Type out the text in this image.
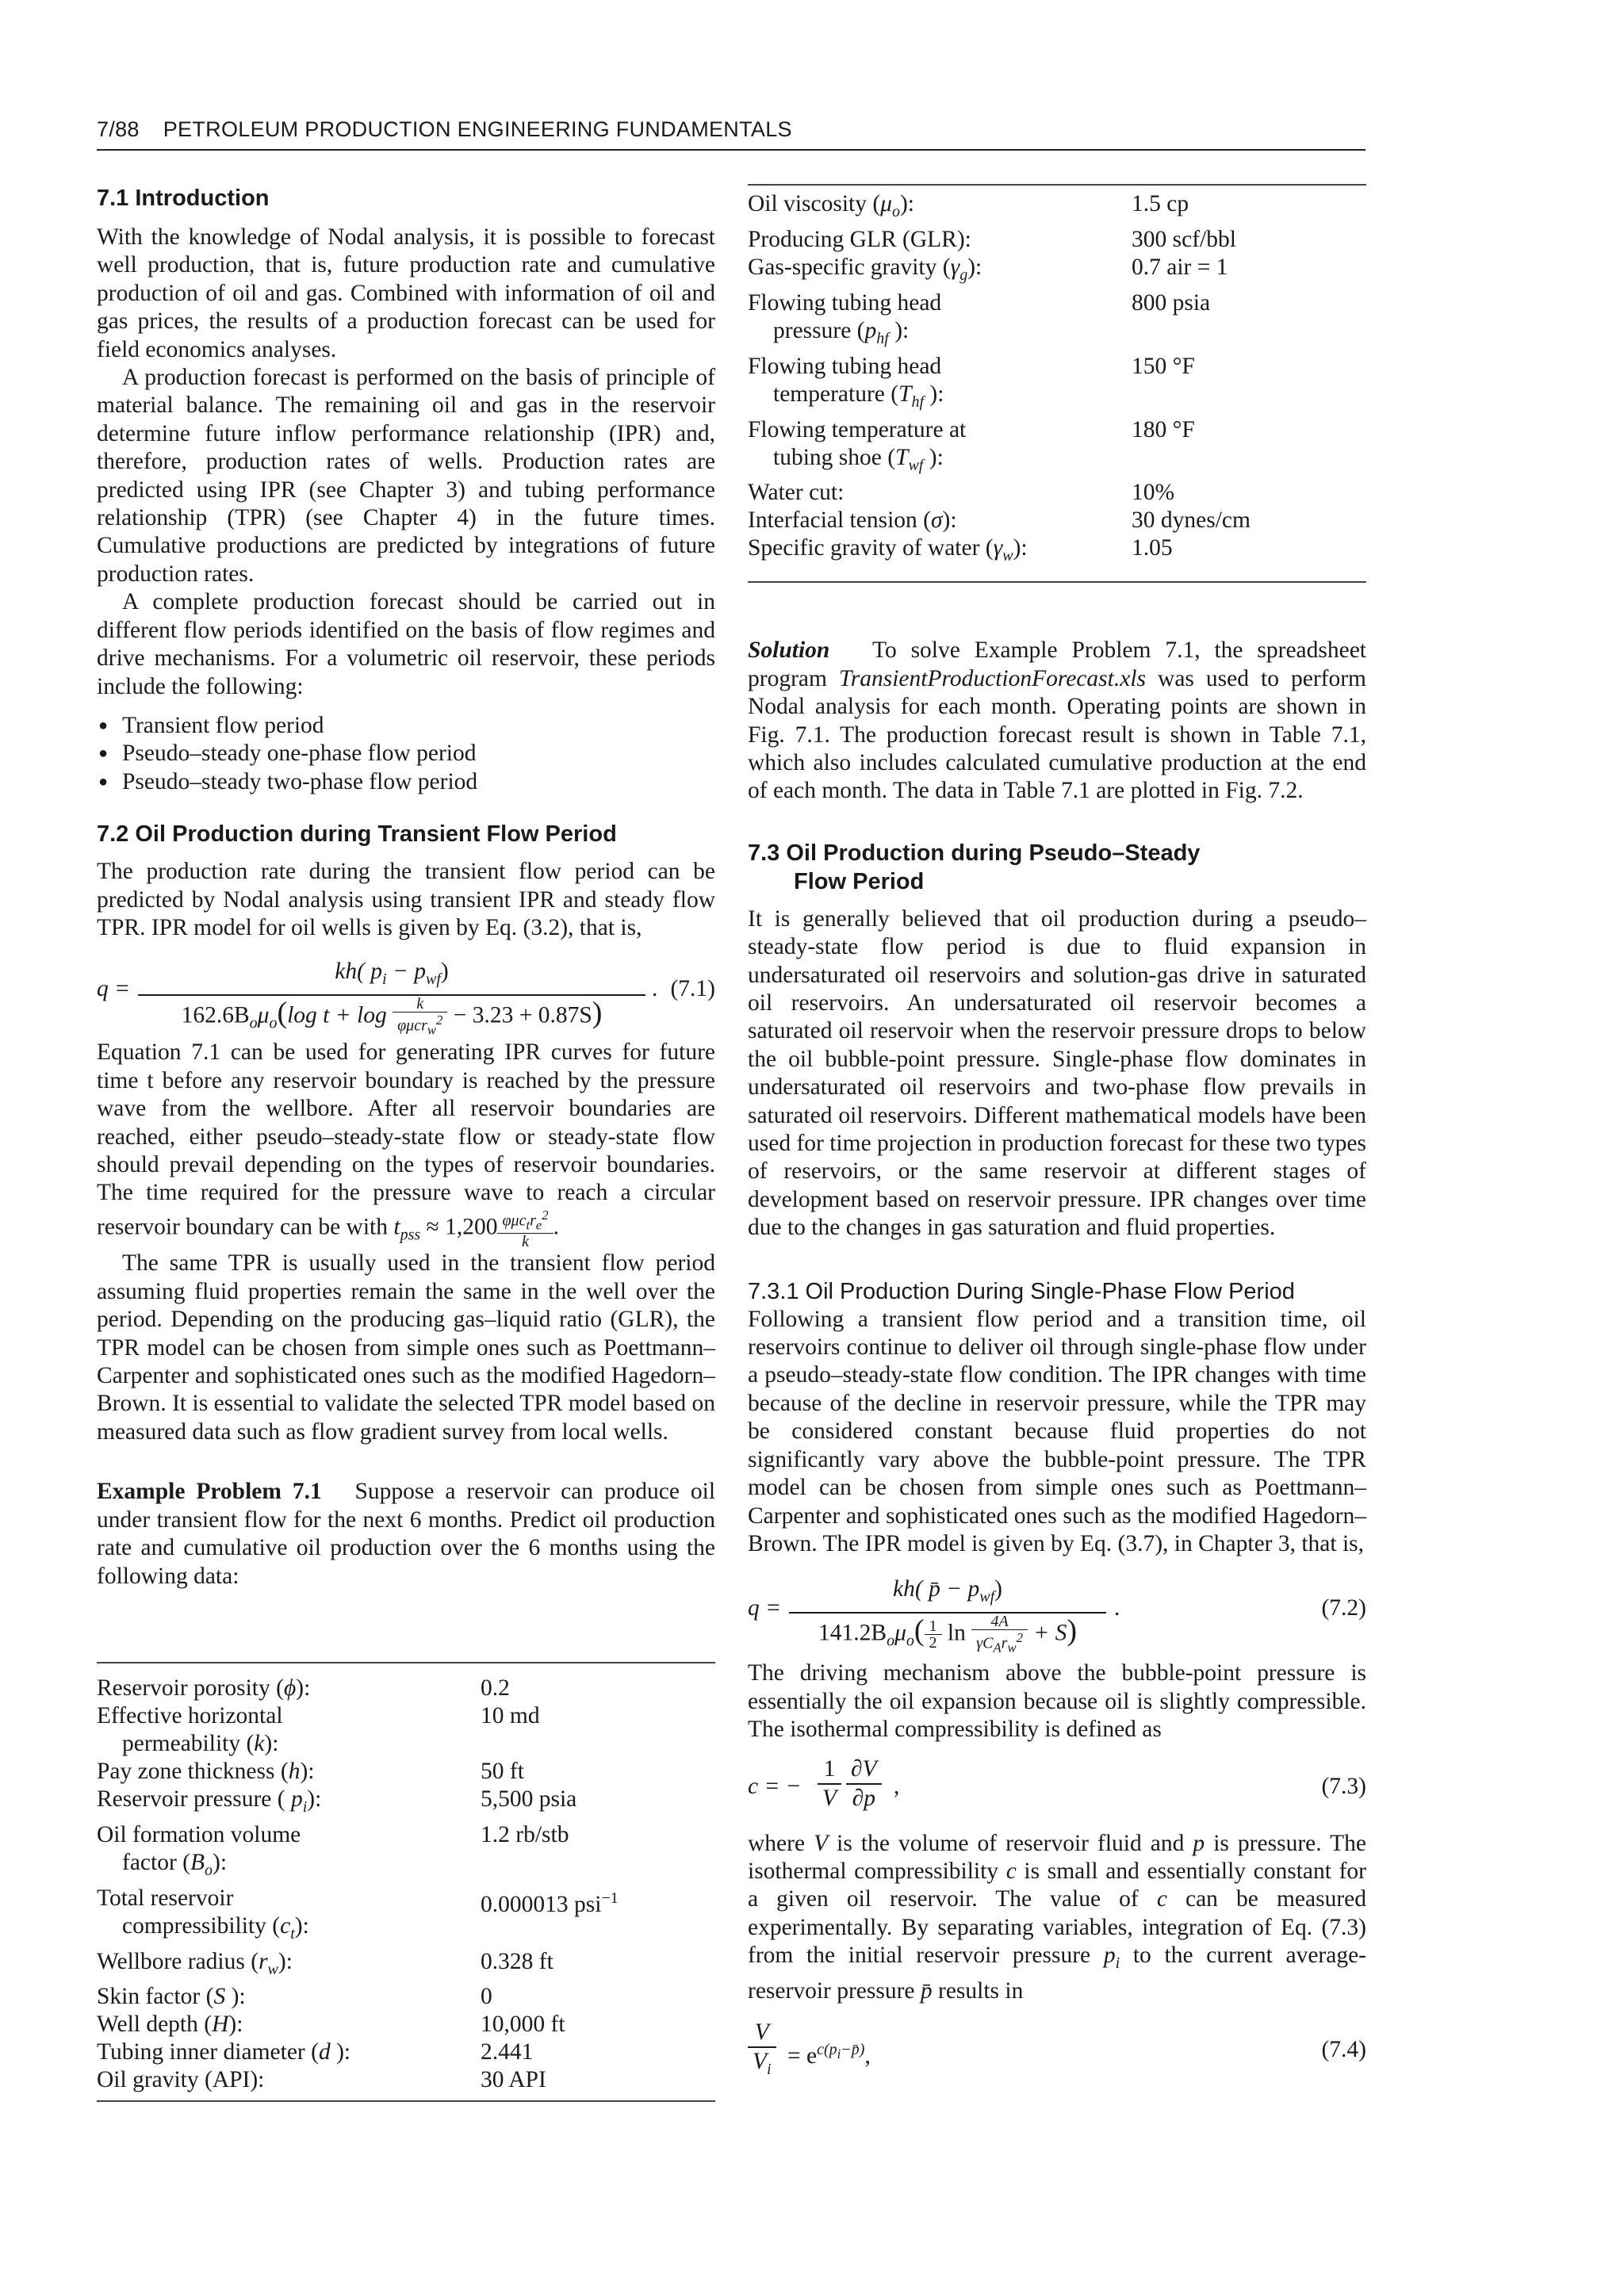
7/88 PETROLEUM PRODUCTION ENGINEERING FUNDAMENTALS
7.1 Introduction

With the knowledge of Nodal analysis, it is possible to forecast well production, that is, future production rate and cumulative production of oil and gas. Combined with information of oil and gas prices, the results of a production forecast can be used for field economics analyses.

A production forecast is performed on the basis of principle of material balance. The remaining oil and gas in the reservoir determine future inflow performance relationship (IPR) and, therefore, production rates of wells. Production rates are predicted using IPR (see Chapter 3) and tubing performance relationship (TPR) (see Chapter 4) in the future times. Cumulative productions are predicted by integrations of future production rates.

A complete production forecast should be carried out in different flow periods identified on the basis of flow regimes and drive mechanisms. For a volumetric oil reservoir, these periods include the following:

● Transient flow period
● Pseudo–steady one-phase flow period
● Pseudo–steady two-phase flow period
7.2 Oil Production during Transient Flow Period

The production rate during the transient flow period can be predicted by Nodal analysis using transient IPR and steady flow TPR. IPR model for oil wells is given by Eq. (3.2), that is,

q =
kh( $p_i - p_{wf}$)
$162.6B_o\mu_o(\log$ $t + \log \frac{k}{\varphi\mu cr_w^2} - 3.23 + 0.87S$)
. (7.1)

Equation 7.1 can be used for generating IPR curves for future time t before any reservoir boundary is reached by the pressure wave from the wellbore. After all reservoir boundaries are reached, either pseudo–steady-state flow or steady-state flow should prevail depending on the types of reservoir boundaries. The time required for the pressure wave to reach a circular reservoir boundary can be with $t_{pss} \approx 1,200 \frac{\varphi\mu c_tr_e^2}{k}$ .

The same TPR is usually used in the transient flow period assuming fluid properties remain the same in the well over the period. Depending on the producing gas–liquid ratio (GLR), the TPR model can be chosen from simple ones such as Poettmann–Carpenter and sophisticated ones such as the modified Hagedorn–Brown. It is essential to validate the selected TPR model based on measured data such as flow gradient survey from local wells.

Example Problem 7.1 Suppose a reservoir can produce oil under transient flow for the next 6 months. Predict oil production rate and cumulative oil production over the 6 months using the following data:

Reservoir porosity (ϕ):	0.2
Effective horizontal
permeability (k):	10 md
Pay zone thickness (h):	50 ft
Reservoir pressure ( $p_i$):	5,500 psia
Oil formation volume
factor $(B_o)$:	1.2 rb/stb
Total reservoir
compressibility $(c_t)$:	0.000013 psi$^{-1}$
Wellbore radius $(r_w)$:	0.328 ft
Skin factor (S ):	0
Well depth (H):	10,000 ft
Tubing inner diameter (d ):	2.441
Oil gravity (API):	30 API
Oil viscosity $(\mu_o)$:	1.5 cp
Producing GLR (GLR):	300 scf/bbl
Gas-specific gravity $(\gamma_g)$:	0.7 air = 1
Flowing tubing head
pressure ($p_{hf}$ ):	800 psia
Flowing tubing head
temperature ($T_{hf}$ ):	150 °F
Flowing temperature at
tubing shoe ($T_{wf}$ ):	180 °F
Water cut:	10%
Interfacial tension (σ):	30 dynes/cm
Specific gravity of water $(\gamma_w)$:	1.05

Solution To solve Example Problem 7.1, the spreadsheet program TransientProductionForecast.xls was used to perform Nodal analysis for each month. Operating points are shown in Fig. 7.1. The production forecast result is shown in Table 7.1, which also includes calculated cumulative production at the end of each month. The data in Table 7.1 are plotted in Fig. 7.2.

7.3 Oil Production during Pseudo–Steady
Flow Period

It is generally believed that oil production during a pseudo–steady-state flow period is due to fluid expansion in undersaturated oil reservoirs and solution-gas drive in saturated oil reservoirs. An undersaturated oil reservoir becomes a saturated oil reservoir when the reservoir pressure drops to below the oil bubble-point pressure. Single-phase flow dominates in undersaturated oil reservoirs and two-phase flow prevails in saturated oil reservoirs. Different mathematical models have been used for time projection in production forecast for these two types of reservoirs, or the same reservoir at different stages of development based on reservoir pressure. IPR changes over time due to the changes in gas saturation and fluid properties.

7.3.1 Oil Production During Single-Phase Flow Period

Following a transient flow period and a transition time, oil reservoirs continue to deliver oil through single-phase flow under a pseudo–steady-state flow condition. The IPR changes with time because of the decline in reservoir pressure, while the TPR may be considered constant because fluid properties do not significantly vary above the bubble-point pressure. The TPR model can be chosen from simple ones such as Poettmann–Carpenter and sophisticated ones such as the modified Hagedorn–Brown. The IPR model is given by Eq. (3.7), in Chapter 3, that is,

q =
kh( p̄ − $p_{wf}$)
$141.2B_o\mu_o( \frac{1}{2}$ $\ln \frac{4A}{\gamma C_Ar_w^2} + S$)
.	(7.2)

The driving mechanism above the bubble-point pressure is essentially the oil expansion because oil is slightly compressible. The isothermal compressibility is defined as

c = − $\frac{1}{V} \frac{\partial V}{\partial p}$ ,	(7.3)

where V is the volume of reservoir fluid and p is pressure. The isothermal compressibility c is small and essentially constant for a given oil reservoir. The value of c can be measured experimentally. By separating variables, integration of Eq. (7.3) from the initial reservoir pressure $p_i$ to the current average-reservoir pressure p̄ results in

$\frac{V}{V_i} = e^{c(p_i-p̄)}$,	(7.4)
